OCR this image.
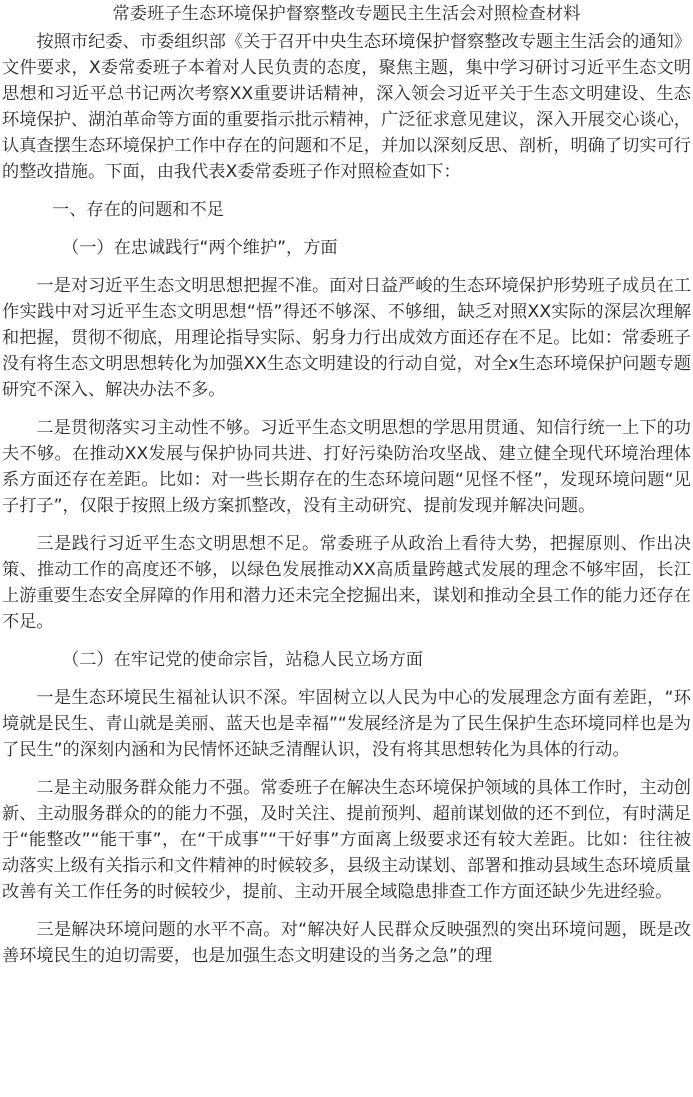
常委班子生态环境保护督察整改专题民主生活会对照检查材料

按照市纪委、市委组织部《关于召开中央生态环境保护督察整改专题主生活会的通知》文件要求，X委常委班子本着对人民负责的态度，聚焦主题，集中学习研讨习近平生态文明思想和习近平总书记两次考察XX重要讲话精神，深入领会习近平关于生态文明建设、生态环境保护、湖泊革命等方面的重要指示批示精神，广泛征求意见建议，深入开展交心谈心，认真查摆生态环境保护工作中存在的问题和不足，并加以深刻反思、剖析，明确了切实可行的整改措施。下面，由我代表X委常委班子作对照检查如下：

一、存在的问题和不足

（一）在忠诚践行“两个维护”，方面

一是对习近平生态文明思想把握不准。面对日益严峻的生态环境保护形势班子成员在工作实践中对习近平生态文明思想“悟”得还不够深、不够细，缺乏对照XX实际的深层次理解和把握，贯彻不彻底，用理论指导实际、躬身力行出成效方面还存在不足。比如：常委班子没有将生态文明思想转化为加强XX生态文明建设的行动自觉，对全x生态环境保护问题专题研究不深入、解决办法不多。

二是贯彻落实习主动性不够。习近平生态文明思想的学思用贯通、知信行统一上下的功夫不够。在推动XX发展与保护协同共进、打好污染防治攻坚战、建立健全现代环境治理体系方面还存在差距。比如：对一些长期存在的生态环境问题“见怪不怪”，发现环境问题“见子打子”，仅限于按照上级方案抓整改，没有主动研究、提前发现并解决问题。

三是践行习近平生态文明思想不足。常委班子从政治上看待大势，把握原则、作出决策、推动工作的高度还不够，以绿色发展推动XX高质量跨越式发展的理念不够牢固，长江上游重要生态安全屏障的作用和潜力还未完全挖掘出来，谋划和推动全县工作的能力还存在不足。

（二）在牢记党的使命宗旨，站稳人民立场方面

一是生态环境民生福祉认识不深。牢固树立以人民为中心的发展理念方面有差距，“环境就是民生、青山就是美丽、蓝天也是幸福”“发展经济是为了民生保护生态环境同样也是为了民生”的深刻内涵和为民情怀还缺乏清醒认识，没有将其思想转化为具体的行动。

二是主动服务群众能力不强。常委班子在解决生态环境保护领域的具体工作时，主动创新、主动服务群众的的能力不强，及时关注、提前预判、超前谋划做的还不到位，有时满足于“能整改”“能干事”，在“干成事”“干好事”方面离上级要求还有较大差距。比如：往往被动落实上级有关指示和文件精神的时候较多，县级主动谋划、部署和推动县域生态环境质量改善有关工作任务的时候较少，提前、主动开展全域隐患排查工作方面还缺少先进经验。

三是解决环境问题的水平不高。对“解决好人民群众反映强烈的突出环境问题，既是改善环境民生的迫切需要，也是加强生态文明建设的当务之急”的理
